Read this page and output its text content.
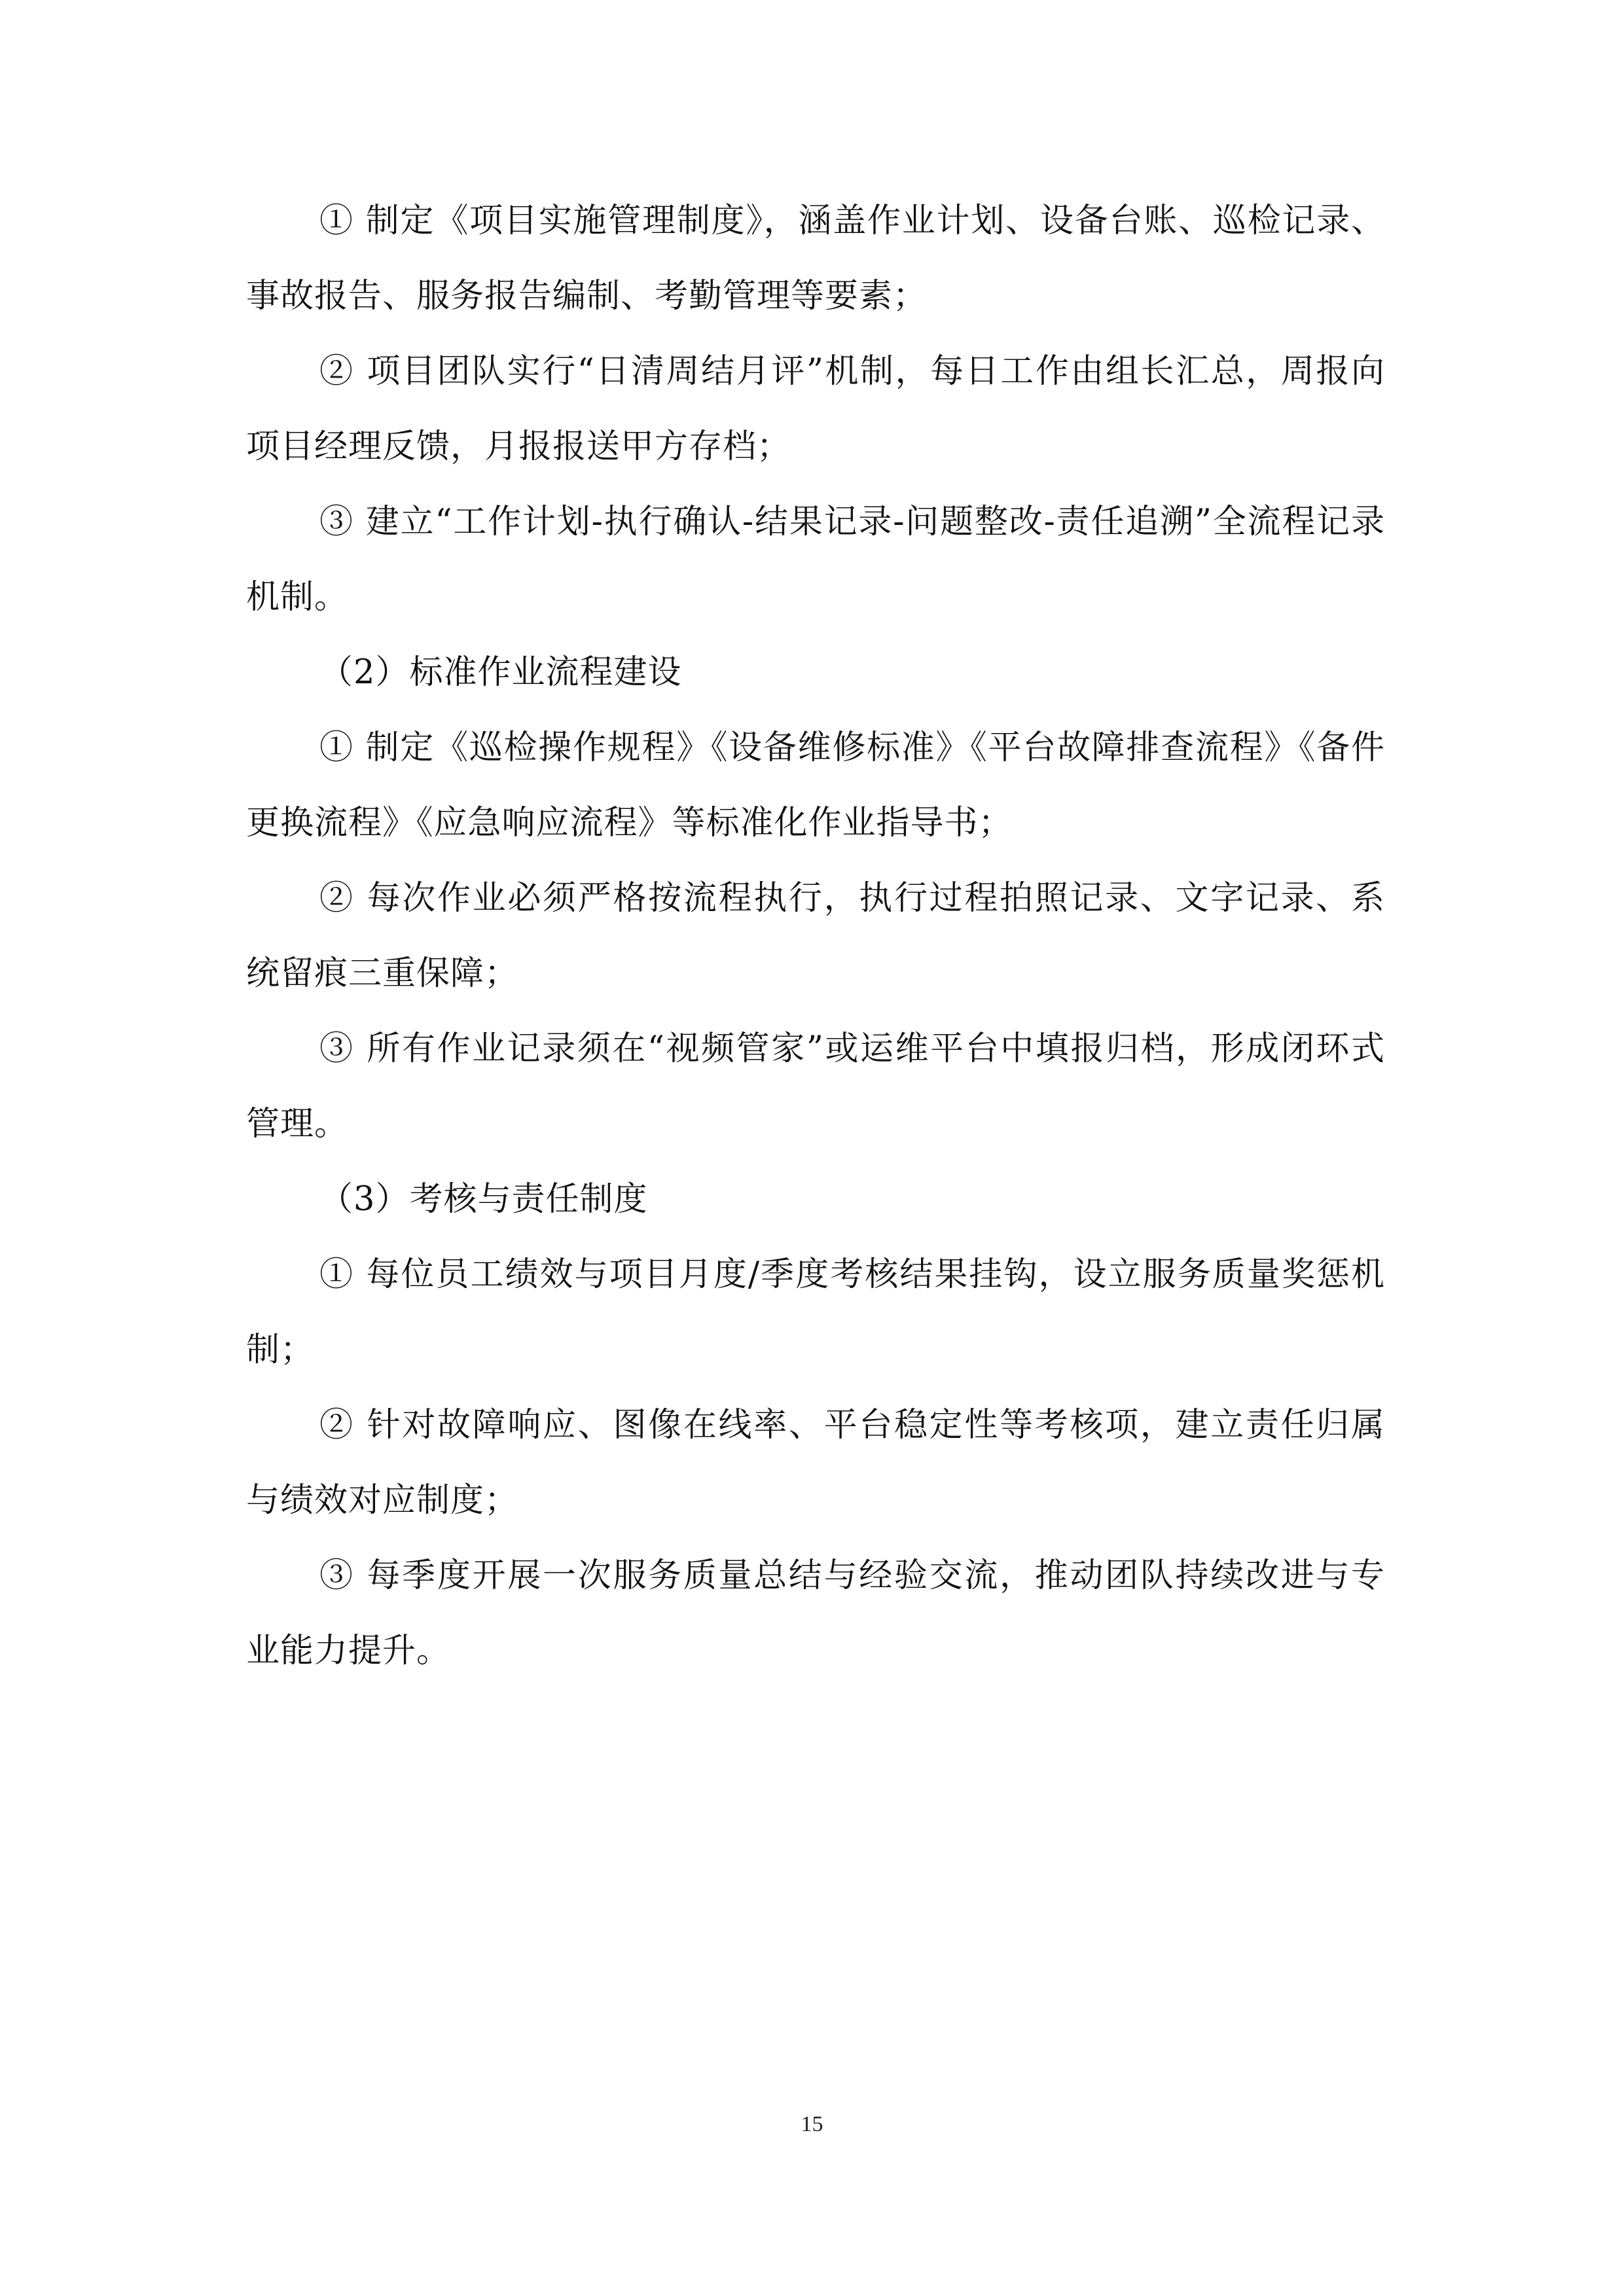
① 制定《项目实施管理制度》，涵盖作业计划、设备台账、巡检记录、事故报告、服务报告编制、考勤管理等要素；

② 项目团队实行“日清周结月评”机制，每日工作由组长汇总，周报向项目经理反馈，月报报送甲方存档；

③ 建立“工作计划-执行确认-结果记录-问题整改-责任追溯”全流程记录机制。

（2）标准作业流程建设

① 制定《巡检操作规程》《设备维修标准》《平台故障排查流程》《备件更换流程》《应急响应流程》等标准化作业指导书；

② 每次作业必须严格按流程执行，执行过程拍照记录、文字记录、系统留痕三重保障；

③ 所有作业记录须在“视频管家”或运维平台中填报归档，形成闭环式管理。

（3）考核与责任制度

① 每位员工绩效与项目月度/季度考核结果挂钩，设立服务质量奖惩机制；

② 针对故障响应、图像在线率、平台稳定性等考核项，建立责任归属与绩效对应制度；

③ 每季度开展一次服务质量总结与经验交流，推动团队持续改进与专业能力提升。

15
